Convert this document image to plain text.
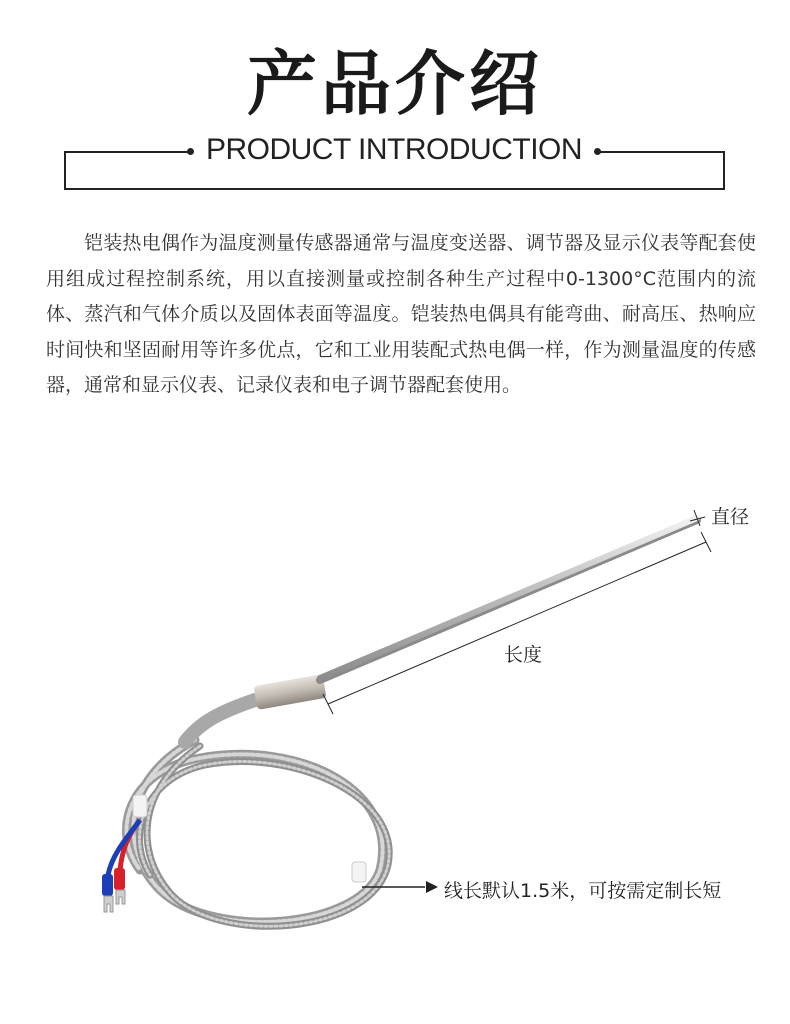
产品介绍
PRODUCT INTRODUCTION

铠装热电偶作为温度测量传感器通常与温度变送器、调节器及显示仪表等配套使用组成过程控制系统，用以直接测量或控制各种生产过程中0-1300°C范围内的流体、蒸汽和气体介质以及固体表面等温度。铠装热电偶具有能弯曲、耐高压、热响应时间快和坚固耐用等许多优点，它和工业用装配式热电偶一样，作为测量温度的传感器，通常和显示仪表、记录仪表和电子调节器配套使用。

直径
长度
线长默认1.5米，可按需定制长短
